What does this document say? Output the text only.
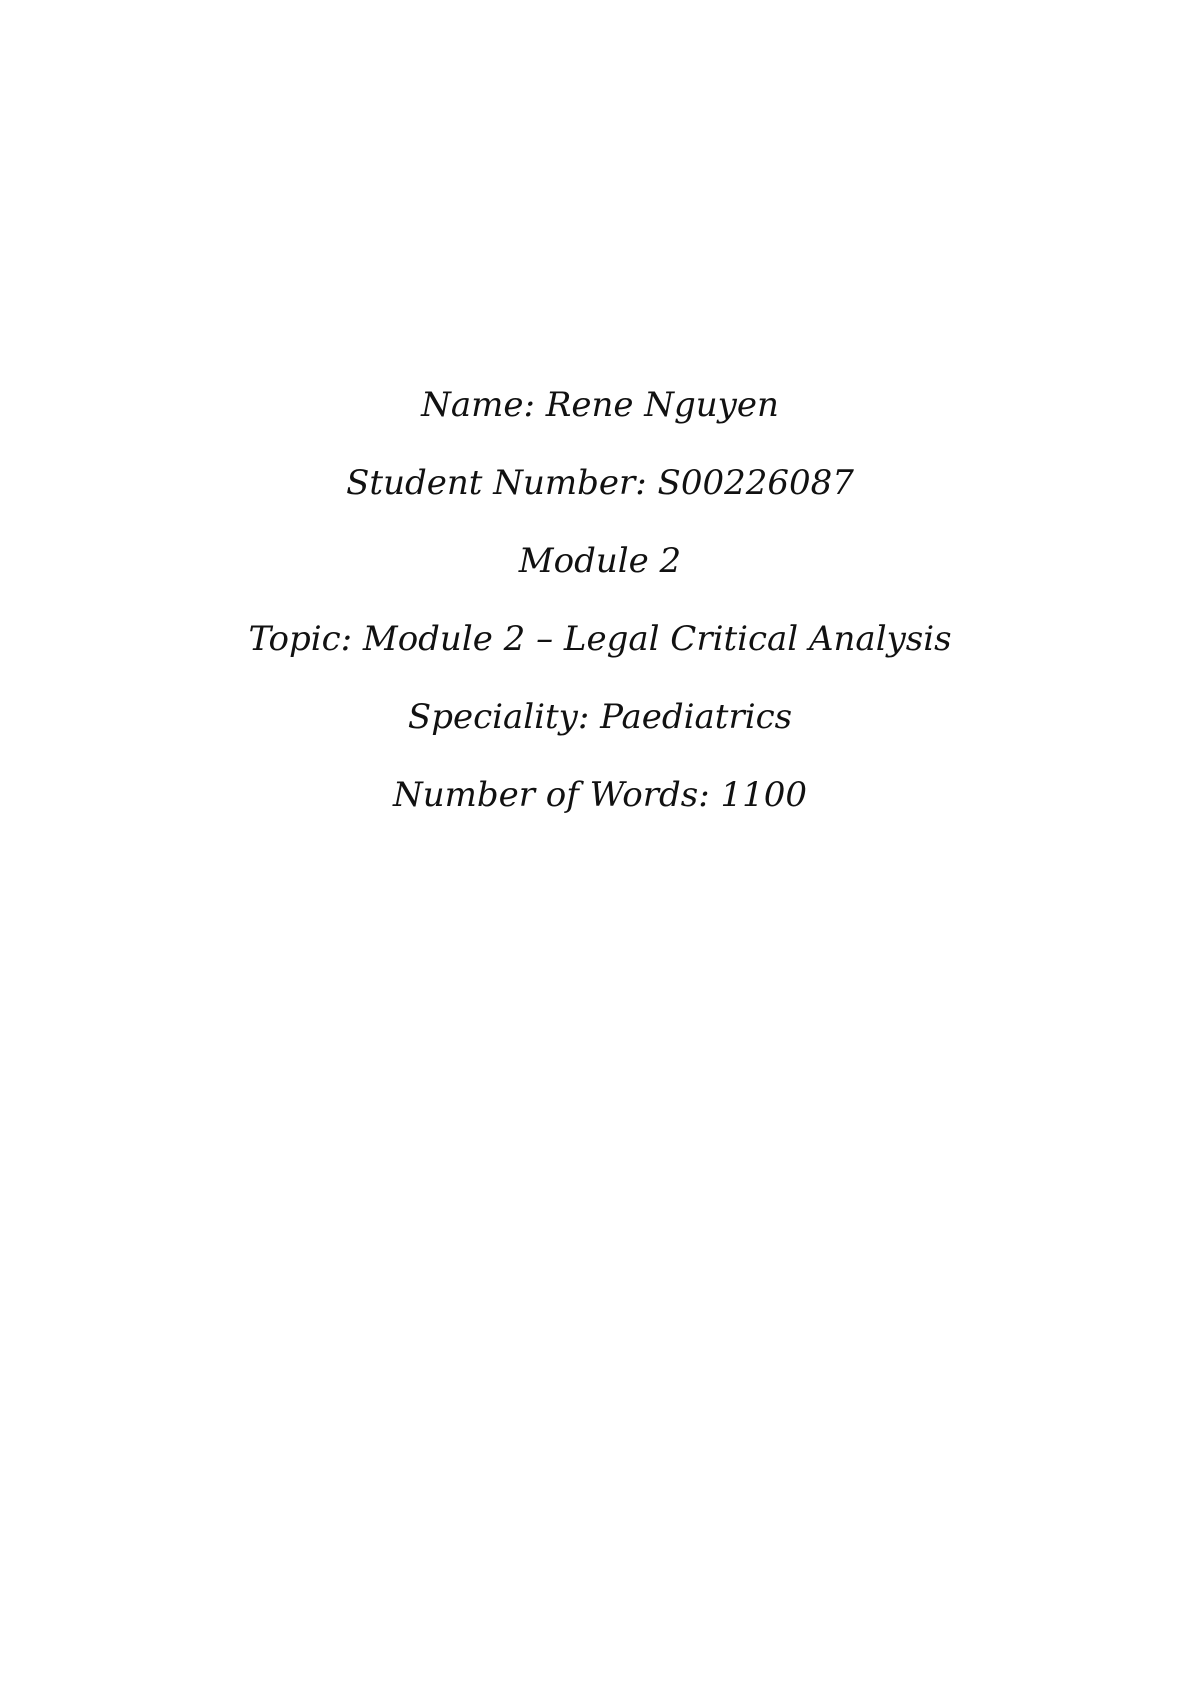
Name: Rene Nguyen
Student Number: S00226087
Module 2
Topic: Module 2 – Legal Critical Analysis
Speciality: Paediatrics
Number of Words: 1100
